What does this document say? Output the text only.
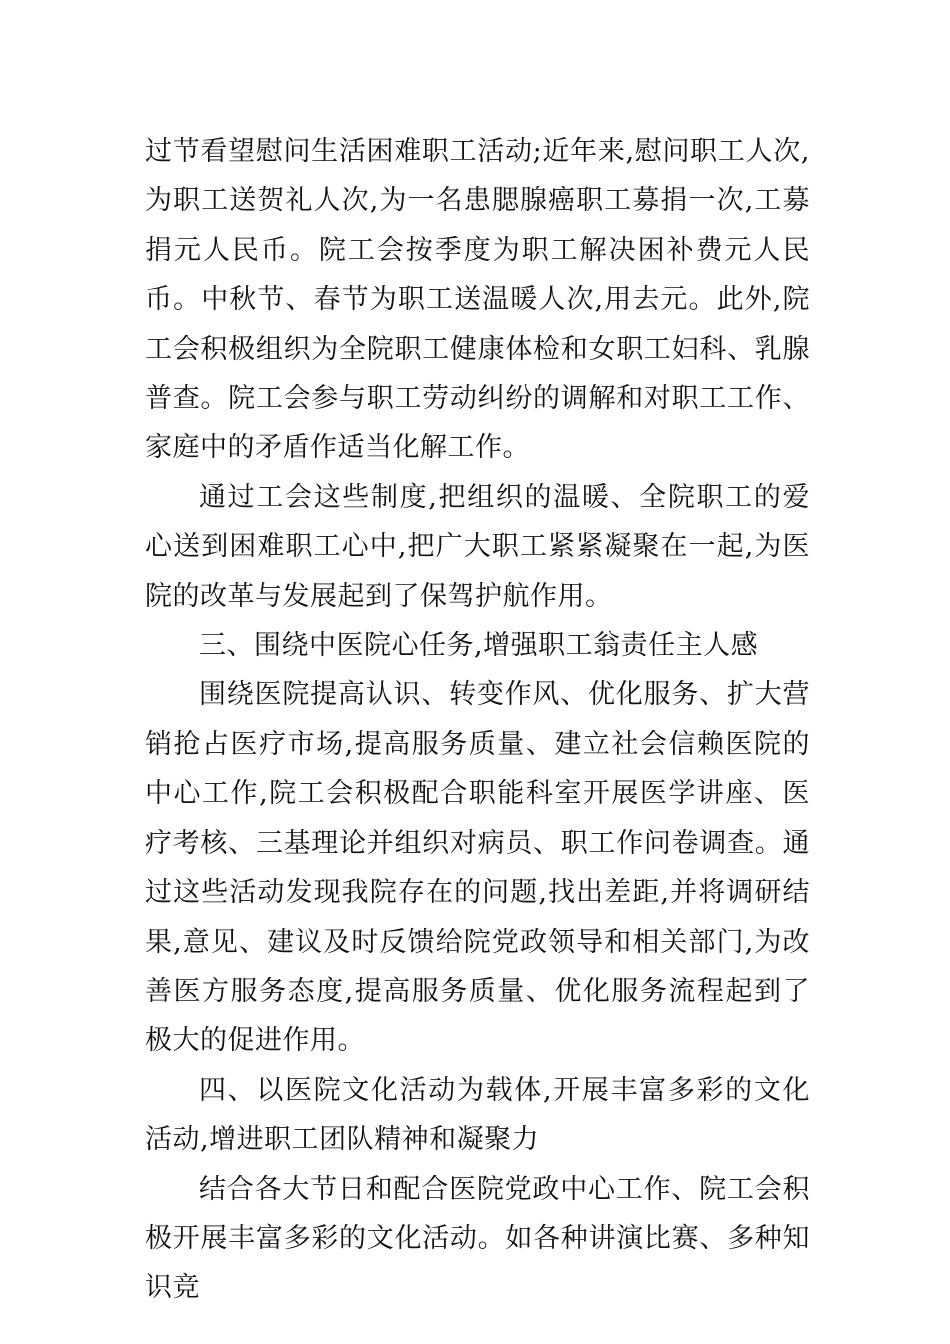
过节看望慰问生活困难职工活动;近年来,慰问职工人次,为职工送贺礼人次,为一名患腮腺癌职工募捐一次,工募捐元人民币。院工会按季度为职工解决困补费元人民币。中秋节、春节为职工送温暖人次,用去元。此外,院工会积极组织为全院职工健康体检和女职工妇科、乳腺普查。院工会参与职工劳动纠纷的调解和对职工工作、家庭中的矛盾作适当化解工作。

通过工会这些制度,把组织的温暖、全院职工的爱心送到困难职工心中,把广大职工紧紧凝聚在一起,为医院的改革与发展起到了保驾护航作用。

三、围绕中医院心任务,增强职工翁责任主人感

围绕医院提高认识、转变作风、优化服务、扩大营销抢占医疗市场,提高服务质量、建立社会信赖医院的中心工作,院工会积极配合职能科室开展医学讲座、医疗考核、三基理论并组织对病员、职工作问卷调查。通过这些活动发现我院存在的问题,找出差距,并将调研结果,意见、建议及时反馈给院党政领导和相关部门,为改善医方服务态度,提高服务质量、优化服务流程起到了极大的促进作用。

四、以医院文化活动为载体,开展丰富多彩的文化活动,增进职工团队精神和凝聚力

结合各大节日和配合医院党政中心工作、院工会积极开展丰富多彩的文化活动。如各种讲演比赛、多种知识竞
